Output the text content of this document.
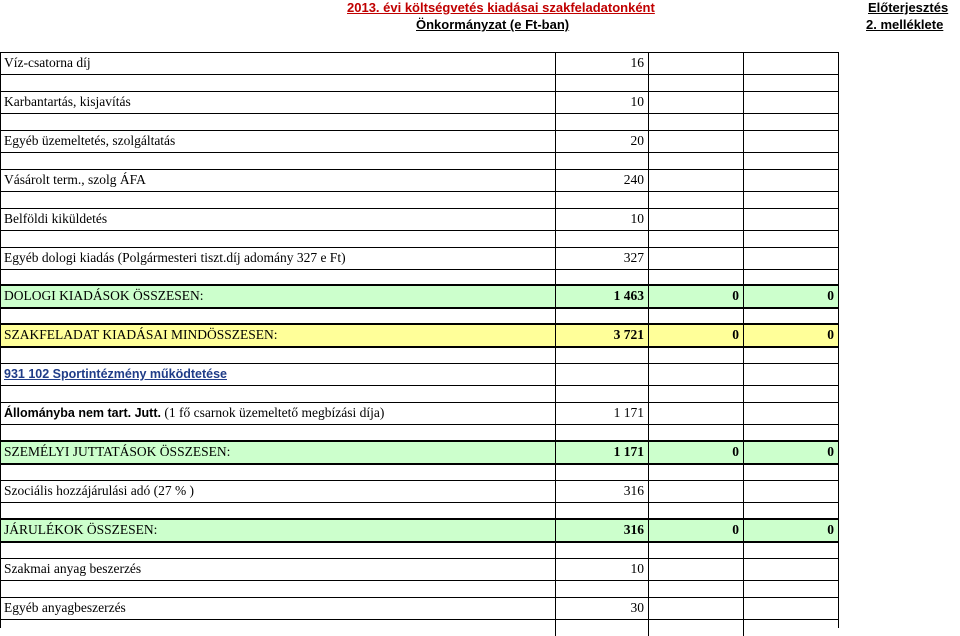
2013. évi költségvetés kiadásai szakfeladatonként
Önkormányzat (e Ft-ban)
Előterjesztés
2. melléklete
Víz-csatorna díj	16
Karbantartás, kisjavítás	10
Egyéb üzemeltetés, szolgáltatás	20
Vásárolt term., szolg ÁFA	240
Belföldi kiküldetés	10
Egyéb dologi kiadás (Polgármesteri tiszt.díj adomány 327 e Ft)	327
DOLOGI KIADÁSOK ÖSSZESEN:	1 463	0	0
SZAKFELADAT KIADÁSAI MINDÖSSZESEN:	3 721	0	0
931 102 Sportintézmény működtetése
Állományba nem tart. Jutt. (1 fő csarnok üzemeltető megbízási díja)	1 171
SZEMÉLYI JUTTATÁSOK ÖSSZESEN:	1 171	0	0
Szociális hozzájárulási adó (27 % )	316
JÁRULÉKOK ÖSSZESEN:	316	0	0
Szakmai anyag beszerzés	10
Egyéb anyagbeszerzés	30
